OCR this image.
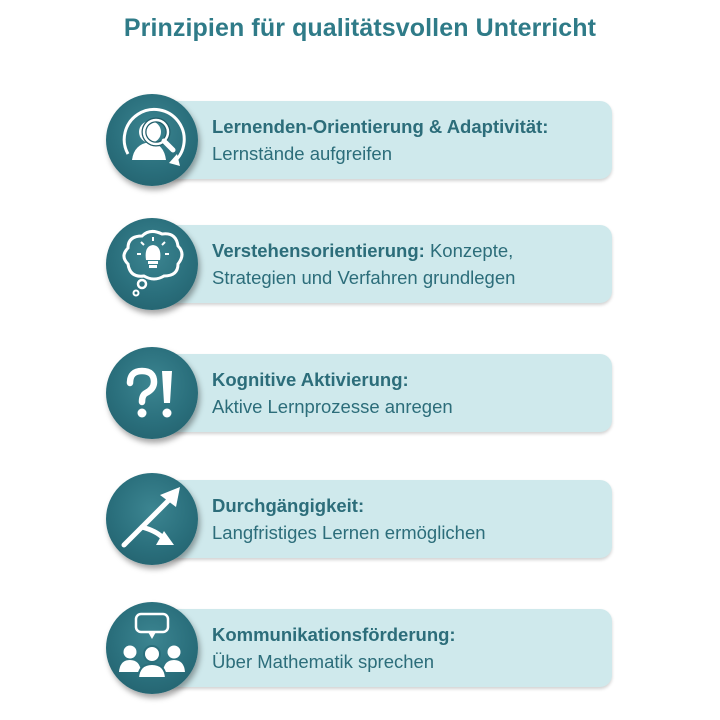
Prinzipien für qualitätsvollen Unterricht
Lernenden-Orientierung & Adaptivität:
Lernstände aufgreifen
Verstehensorientierung: Konzepte,
Strategien und Verfahren grundlegen
Kognitive Aktivierung:
Aktive Lernprozesse anregen
Durchgängigkeit:
Langfristiges Lernen ermöglichen
Kommunikationsförderung:
Über Mathematik sprechen
